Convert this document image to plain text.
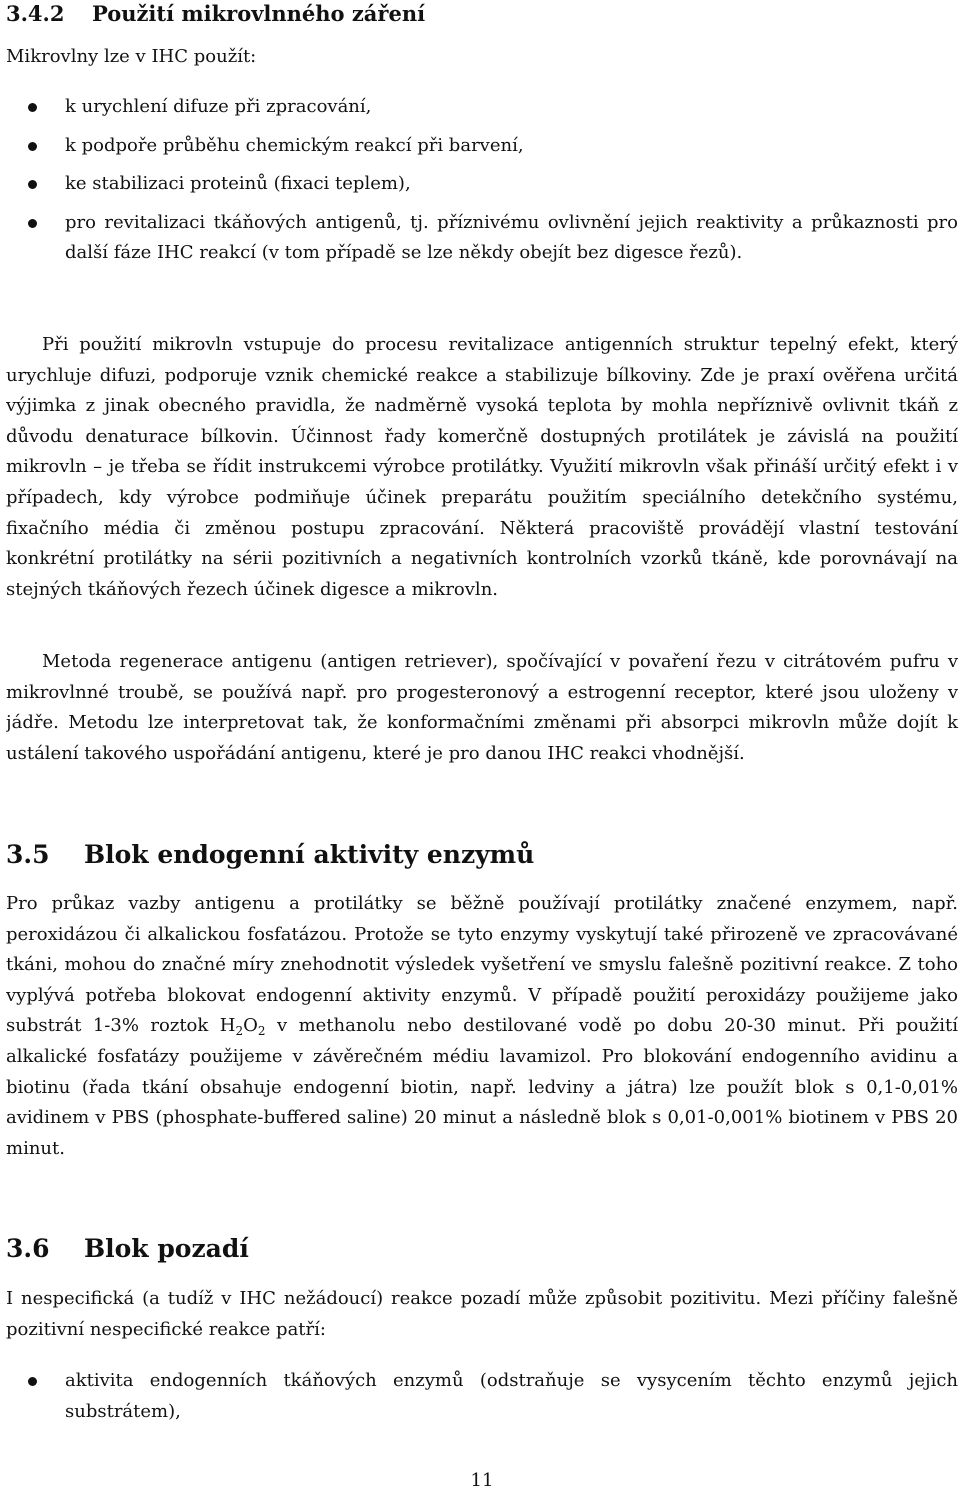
3.4.2 Použití mikrovlnného záření
Mikrovlny lze v IHC použít:
k urychlení difuze při zpracování,
k podpoře průběhu chemickým reakcí při barvení,
ke stabilizaci proteinů (fixaci teplem),
pro revitalizaci tkáňových antigenů, tj. příznivému ovlivnění jejich reaktivity a průkaznosti pro další fáze IHC reakcí (v tom případě se lze někdy obejít bez digesce řezů).
Při použití mikrovln vstupuje do procesu revitalizace antigenních struktur tepelný efekt, který urychluje difuzi, podporuje vznik chemické reakce a stabilizuje bílkoviny. Zde je praxí ověřena určitá výjimka z jinak obecného pravidla, že nadměrně vysoká teplota by mohla nepříznivě ovlivnit tkáň z důvodu denaturace bílkovin. Účinnost řady komerčně dostupných protilátek je závislá na použití mikrovln – je třeba se řídit instrukcemi výrobce protilátky. Využití mikrovln však přináší určitý efekt i v případech, kdy výrobce podmiňuje účinek preparátu použitím speciálního detekčního systému, fixačního média či změnou postupu zpracování. Některá pracoviště provádějí vlastní testování konkrétní protilátky na sérii pozitivních a negativních kontrolních vzorků tkáně, kde porovnávají na stejných tkáňových řezech účinek digesce a mikrovln.
Metoda regenerace antigenu (antigen retriever), spočívající v povaření řezu v citrátovém pufru v mikrovlnné troubě, se používá např. pro progesteronový a estrogenní receptor, které jsou uloženy v jádře. Metodu lze interpretovat tak, že konformačními změnami při absorpci mikrovln může dojít k ustálení takového uspořádání antigenu, které je pro danou IHC reakci vhodnější.
3.5 Blok endogenní aktivity enzymů
Pro průkaz vazby antigenu a protilátky se běžně používají protilátky značené enzymem, např. peroxidázou či alkalickou fosfatázou. Protože se tyto enzymy vyskytují také přirozeně ve zpracovávané tkáni, mohou do značné míry znehodnotit výsledek vyšetření ve smyslu falešně pozitivní reakce. Z toho vyplývá potřeba blokovat endogenní aktivity enzymů. V případě použití peroxidázy použijeme jako substrát 1-3% roztok $H_2O_2$ v methanolu nebo destilované vodě po dobu 20-30 minut. Při použití alkalické fosfatázy použijeme v závěrečném médiu lavamizol. Pro blokování endogenního avidinu a biotinu (řada tkání obsahuje endogenní biotin, např. ledviny a játra) lze použít blok s 0,1-0,01% avidinem v PBS (phosphate-buffered saline) 20 minut a následně blok s 0,01-0,001% biotinem v PBS 20 minut.
3.6 Blok pozadí
I nespecifická (a tudíž v IHC nežádoucí) reakce pozadí může způsobit pozitivitu. Mezi příčiny falešně pozitivní nespecifické reakce patří:
aktivita endogenních tkáňových enzymů (odstraňuje se vysycením těchto enzymů jejich substrátem),
11
